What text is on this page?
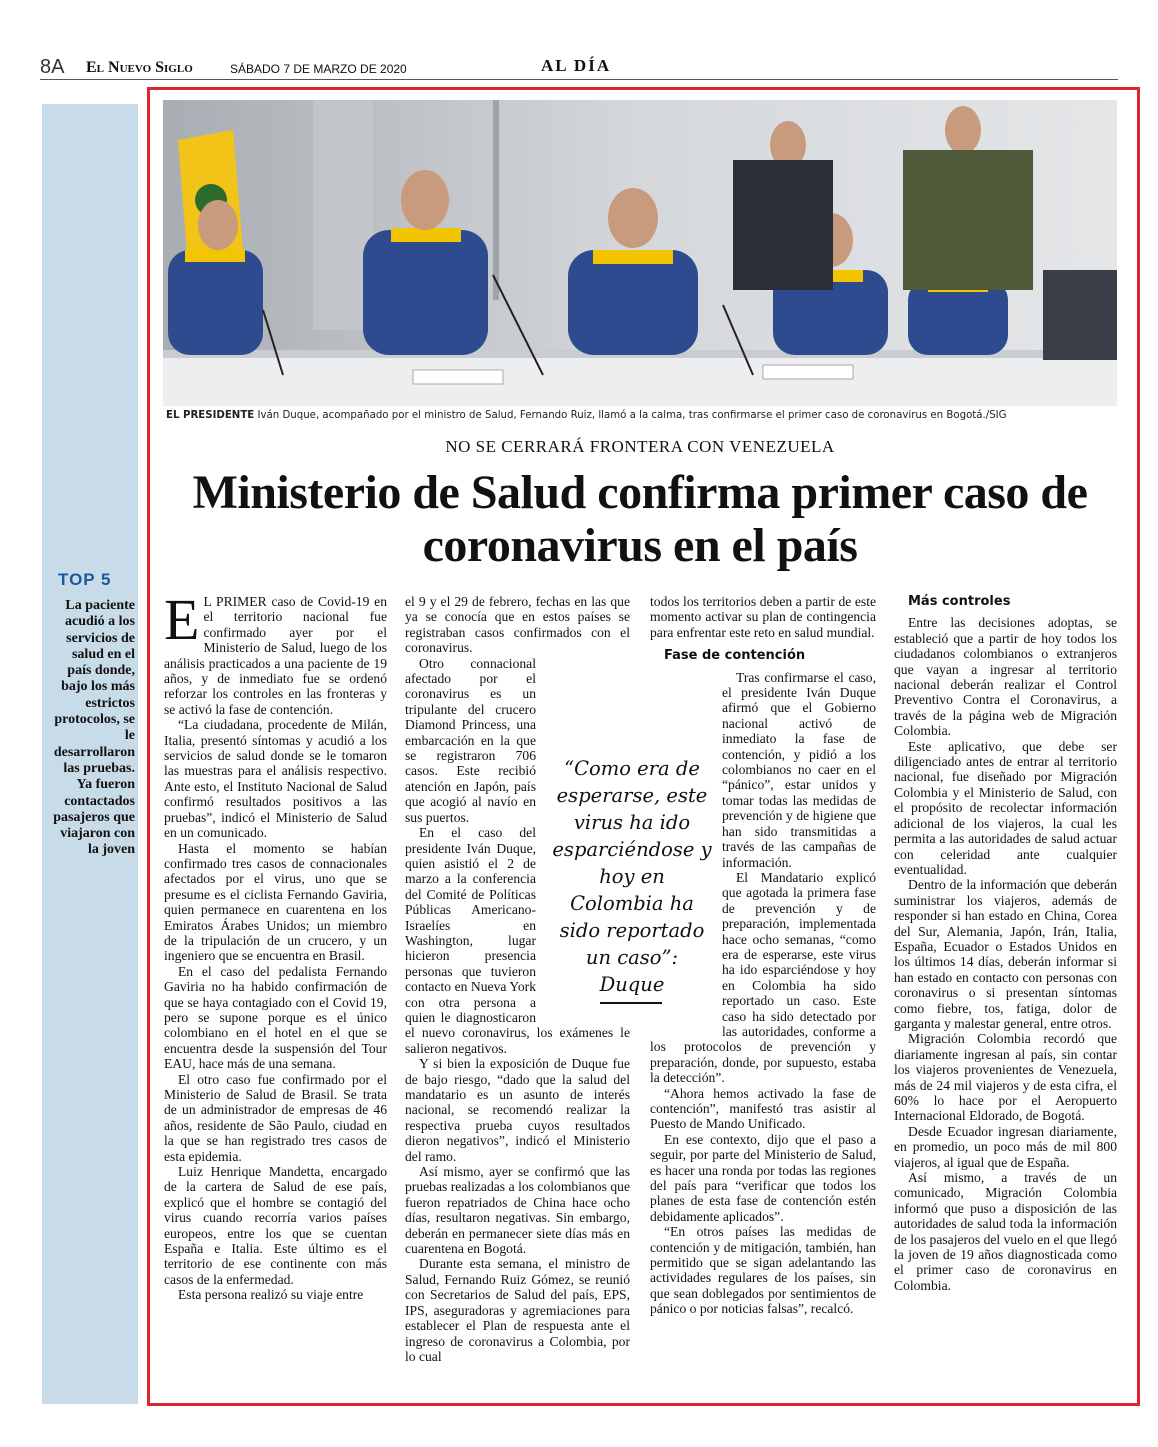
8A El Nuevo Siglo	SÁBADO 7 DE MARZO DE 2020	AL DÍA
TOP 5
La paciente acudió a los servicios de salud en el país donde, bajo los más estrictos protocolos, se le desarrollaron las pruebas. Ya fueron contactados pasajeros que viajaron con la joven
EL PRESIDENTE Iván Duque, acompañado por el ministro de Salud, Fernando Ruiz, llamó a la calma, tras confirmarse el primer caso de coronavirus en Bogotá./SIG
NO SE CERRARÁ FRONTERA CON VENEZUELA
Ministerio de Salud confirma primer caso de coronavirus en el país

E L PRIMER caso de Covid-19 en el territorio nacional fue confirmado ayer por el Ministerio de Salud, luego de los análisis practicados a una paciente de 19 años, y de inmediato fue se ordenó reforzar los controles en las fronteras y se activó la fase de contención.

“La ciudadana, procedente de Milán, Italia, presentó síntomas y acudió a los servicios de salud donde se le tomaron las muestras para el análisis respectivo. Ante esto, el Instituto Nacional de Salud confirmó resultados positivos a las pruebas”, indicó el Ministerio de Salud en un comunicado.

Hasta el momento se habían confirmado tres casos de connacionales afectados por el virus, uno que se presume es el ciclista Fernando Gaviria, quien permanece en cuarentena en los Emiratos Árabes Unidos; un miembro de la tripulación de un crucero, y un ingeniero que se encuentra en Brasil.

En el caso del pedalista Fernando Gaviria no ha habido confirmación de que se haya contagiado con el Covid 19, pero se supone porque es el único colombiano en el hotel en el que se encuentra desde la suspensión del Tour EAU, hace más de una semana.

El otro caso fue confirmado por el Ministerio de Salud de Brasil. Se trata de un administrador de empresas de 46 años, residente de São Paulo, ciudad en la que se han registrado tres casos de esta epidemia.

Luiz Henrique Mandetta, encargado de la cartera de Salud de ese país, explicó que el hombre se contagió del virus cuando recorría varios países europeos, entre los que se cuentan España e Italia. Este último es el territorio de ese continente con más casos de la enfermedad.

Esta persona realizó su viaje entre

el 9 y el 29 de febrero, fechas en las que ya se conocía que en estos países se registraban casos confirmados con el coronavirus.

Otro connacional afectado por el coronavirus es un tripulante del crucero Diamond Princess, una embarcación en la que se registraron 706 casos. Este recibió atención en Japón, país que acogió al navío en sus puertos.

En el caso del presidente Iván Duque, quien asistió el 2 de marzo a la conferencia del Comité de Políticas Públicas Americano-Israelíes en Washington, lugar hicieron presencia personas que tuvieron contacto en Nueva York con otra persona a quien le diagnosticaron el nuevo coronavirus, los exámenes le salieron negativos.

Y si bien la exposición de Duque fue de bajo riesgo, “dado que la salud del mandatario es un asunto de interés nacional, se recomendó realizar la respectiva prueba cuyos resultados dieron negativos”, indicó el Ministerio del ramo.

Así mismo, ayer se confirmó que las pruebas realizadas a los colombianos que fueron repatriados de China hace ocho días, resultaron negativas. Sin embargo, deberán en permanecer siete días más en cuarentena en Bogotá.

Durante esta semana, el ministro de Salud, Fernando Ruiz Gómez, se reunió con Secretarios de Salud del país, EPS, IPS, aseguradoras y agremiaciones para establecer el Plan de respuesta ante el ingreso de coronavirus a Colombia, por lo cual

todos los territorios deben a partir de este momento activar su plan de contingencia para enfrentar este reto en salud mundial.

Fase de contención

Tras confirmarse el caso, el presidente Iván Duque afirmó que el Gobierno nacional activó de inmediato la fase de contención, y pidió a los colombianos no caer en el “pánico”, estar unidos y tomar todas las medidas de prevención y de higiene que han sido transmitidas a través de las campañas de información.

El Mandatario explicó que agotada la primera fase de prevención y de preparación, implementada hace ocho semanas, “como era de esperarse, este virus ha ido esparciéndose y hoy en Colombia ha sido reportado un caso. Este caso ha sido detectado por las autoridades, conforme a los protocolos de prevención y preparación, donde, por supuesto, estaba la detección”.

“Ahora hemos activado la fase de contención”, manifestó tras asistir al Puesto de Mando Unificado.

En ese contexto, dijo que el paso a seguir, por parte del Ministerio de Salud, es hacer una ronda por todas las regiones del país para “verificar que todos los planes de esta fase de contención estén debidamente aplicados”.

“En otros países las medidas de contención y de mitigación, también, han permitido que se sigan adelantando las actividades regulares de los países, sin que sean doblegados por sentimientos de pánico o por noticias falsas”, recalcó.

Más controles

Entre las decisiones adoptas, se estableció que a partir de hoy todos los ciudadanos colombianos o extranjeros que vayan a ingresar al territorio nacional deberán realizar el Control Preventivo Contra el Coronavirus, a través de la página web de Migración Colombia.

Este aplicativo, que debe ser diligenciado antes de entrar al territorio nacional, fue diseñado por Migración Colombia y el Ministerio de Salud, con el propósito de recolectar información adicional de los viajeros, la cual les permita a las autoridades de salud actuar con celeridad ante cualquier eventualidad.

Dentro de la información que deberán suministrar los viajeros, además de responder si han estado en China, Corea del Sur, Alemania, Japón, Irán, Italia, España, Ecuador o Estados Unidos en los últimos 14 días, deberán informar si han estado en contacto con personas con coronavirus o si presentan síntomas como fiebre, tos, fatiga, dolor de garganta y malestar general, entre otros.

Migración Colombia recordó que diariamente ingresan al país, sin contar los viajeros provenientes de Venezuela, más de 24 mil viajeros y de esta cifra, el 60% lo hace por el Aeropuerto Internacional Eldorado, de Bogotá.

Desde Ecuador ingresan diariamente, en promedio, un poco más de mil 800 viajeros, al igual que de España.

Así mismo, a través de un comunicado, Migración Colombia informó que puso a disposición de las autoridades de salud toda la información de los pasajeros del vuelo en el que llegó la joven de 19 años diagnosticada como el primer caso de coronavirus en Colombia.

“Como era de esperarse, este virus ha ido esparciéndose y hoy en Colombia ha sido reportado un caso”: Duque
